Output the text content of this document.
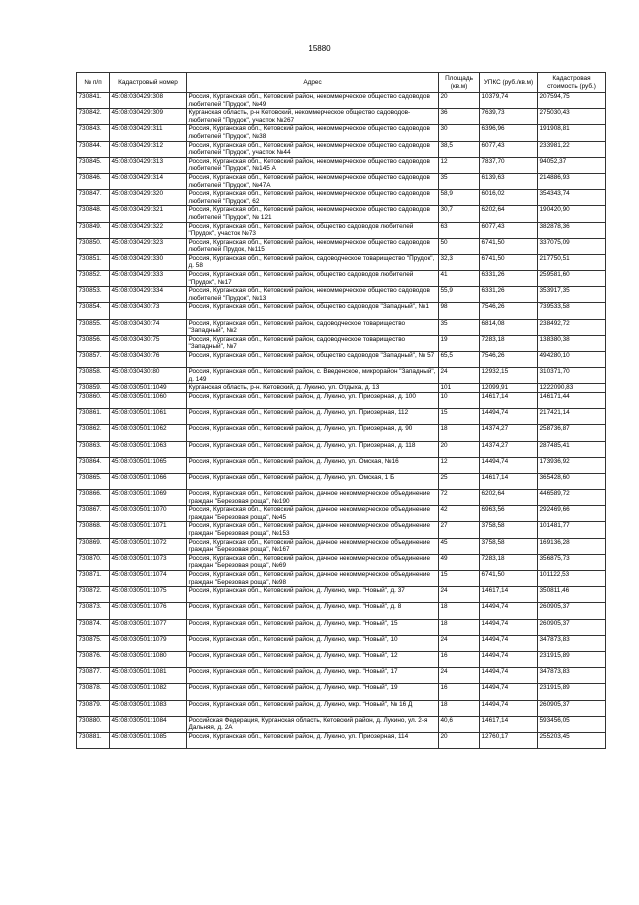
15880
№ п/п	Кадастровый номер	Адрес	Площадь (кв.м)	УПКС (руб./кв.м)	Кадастровая стоимость (руб.)
730841.	45:08:030429:308	Россия, Курганская обл., Кетовский район, некоммерческое общество садоводов любителей "Прудок", №49	20	10379,74	207594,75
730842.	45:08:030429:309	Курганская область, р-н Кетовский, некоммерческое общество садоводов-любителей "Прудок", участок №267	36	7639,73	275030,43
730843.	45:08:030429:311	Россия, Курганская обл., Кетовский район, некоммерческое общество садоводов любителей "Прудок", №38	30	6396,96	191908,81
730844.	45:08:030429:312	Россия, Курганская обл., Кетовский район, некоммерческое общество садоводов любителей "Прудок", участок №44	38,5	6077,43	233981,22
730845.	45:08:030429:313	Россия, Курганская обл., Кетовский район, некоммерческое общество садоводов любителей "Прудок", №145 А	12	7837,70	94052,37
730846.	45:08:030429:314	Россия, Курганская обл., Кетовский район, некоммерческое общество садоводов любителей "Прудок", №47А	35	6139,63	214886,93
730847.	45:08:030429:320	Россия, Курганская обл., Кетовский район, некоммерческое общество садоводов любителей "Прудок", 62	58,9	6016,02	354343,74
730848.	45:08:030429:321	Россия, Курганская обл., Кетовский район, некоммерческое общество садоводов любителей "Прудок", № 121	30,7	6202,64	190420,90
730849.	45:08:030429:322	Россия, Курганская обл., Кетовский район, общество садоводов любителей "Прудок", участок №73	63	6077,43	382878,36
730850.	45:08:030429:323	Россия, Курганская обл., Кетовский район, некоммерческое общество садоводов любителей Прудок, №115	50	6741,50	337075,09
730851.	45:08:030429:330	Россия, Курганская обл., Кетовский район, садоводческое товарищество "Прудок", д. 58	32,3	6741,50	217750,51
730852.	45:08:030429:333	Россия, Курганская обл., Кетовский район, общество садоводов любителей "Прудок", №17	41	6331,26	259581,60
730853.	45:08:030429:334	Россия, Курганская обл., Кетовский район, некоммерческое общество садоводов любителей "Прудок", №13	55,9	6331,26	353917,35
730854.	45:08:030430:73	Россия, Курганская обл., Кетовский район, общество садоводов "Западный", №1	98	7546,26	739533,58
730855.	45:08:030430:74	Россия, Курганская обл., Кетовский район, садоводческое товарищество "Западный", №2	35	6814,08	238492,72
730856.	45:08:030430:75	Россия, Курганская обл., Кетовский район, садоводческое товарищество "Западный", №7	19	7283,18	138380,38
730857.	45:08:030430:76	Россия, Курганская обл., Кетовский район, общество садоводов "Западный", № 57	65,5	7546,26	494280,10
730858.	45:08:030430:80	Россия, Курганская обл., Кетовский район, с. Введенское, микрорайон "Западный", д. 149	24	12932,15	310371,70
730859.	45:08:030501:1049	Курганская область, р-н. Кетовский, д. Лукино, ул. Отдыха, д. 13	101	12099,91	1222090,83
730860.	45:08:030501:1060	Россия, Курганская обл., Кетовский район, д. Лукино, ул. Приозерная, д. 100	10	14617,14	146171,44
730861.	45:08:030501:1061	Россия, Курганская обл., Кетовский район, д. Лукино, ул. Приозерная, 112	15	14494,74	217421,14
730862.	45:08:030501:1062	Россия, Курганская обл., Кетовский район, д. Лукино, ул. Приозерная, д. 90	18	14374,27	258736,87
730863.	45:08:030501:1063	Россия, Курганская обл., Кетовский район, д. Лукино, ул. Приозерная, д. 118	20	14374,27	287485,41
730864.	45:08:030501:1065	Россия, Курганская обл., Кетовский район, д. Лукино, ул. Омская, №16	12	14494,74	173936,92
730865.	45:08:030501:1066	Россия, Курганская обл., Кетовский район, д. Лукино, ул. Омская, 1 Б	25	14617,14	365428,60
730866.	45:08:030501:1069	Россия, Курганская обл., Кетовский район, дачное некоммерческое объединение граждан "Березовая роща", №190	72	6202,64	446589,72
730867.	45:08:030501:1070	Россия, Курганская обл., Кетовский район, дачное некоммерческое объединение граждан "Березовая роща", №45	42	6963,56	292469,66
730868.	45:08:030501:1071	Россия, Курганская обл., Кетовский район, дачное некоммерческое объединение граждан "Березовая роща", №153	27	3758,58	101481,77
730869.	45:08:030501:1072	Россия, Курганская обл., Кетовский район, дачное некоммерческое объединение граждан "Березовая роща", №167	45	3758,58	169136,28
730870.	45:08:030501:1073	Россия, Курганская обл., Кетовский район, дачное некоммерческое объединение граждан "Березовая роща", №69	49	7283,18	356875,73
730871.	45:08:030501:1074	Россия, Курганская обл., Кетовский район, дачное некоммерческое объединение граждан "Березовая роща", №98	15	6741,50	101122,53
730872.	45:08:030501:1075	Россия, Курганская обл., Кетовский район, д. Лукино, мкр. "Новый", д. 37	24	14617,14	350811,46
730873.	45:08:030501:1076	Россия, Курганская обл., Кетовский район, д. Лукино, мкр. "Новый", д. 8	18	14494,74	260905,37
730874.	45:08:030501:1077	Россия, Курганская обл., Кетовский район, д. Лукино, мкр. "Новый", 15	18	14494,74	260905,37
730875.	45:08:030501:1079	Россия, Курганская обл., Кетовский район, д. Лукино, мкр. "Новый", 10	24	14494,74	347873,83
730876.	45:08:030501:1080	Россия, Курганская обл., Кетовский район, д. Лукино, мкр. "Новый", 12	16	14494,74	231915,89
730877.	45:08:030501:1081	Россия, Курганская обл., Кетовский район, д. Лукино, мкр. "Новый", 17	24	14494,74	347873,83
730878.	45:08:030501:1082	Россия, Курганская обл., Кетовский район, д. Лукино, мкр. "Новый", 19	16	14494,74	231915,89
730879.	45:08:030501:1083	Россия, Курганская обл., Кетовский район, д. Лукино, мкр. "Новый", № 16 Д	18	14494,74	260905,37
730880.	45:08:030501:1084	Российская Федерация, Курганская область, Кетовский район, д. Лукино, ул. 2-я Дальняя, д. 2А	40,6	14617,14	593456,05
730881.	45:08:030501:1085	Россия, Курганская обл., Кетовский район, д. Лукино, ул. Приозерная, 114	20	12760,17	255203,45
